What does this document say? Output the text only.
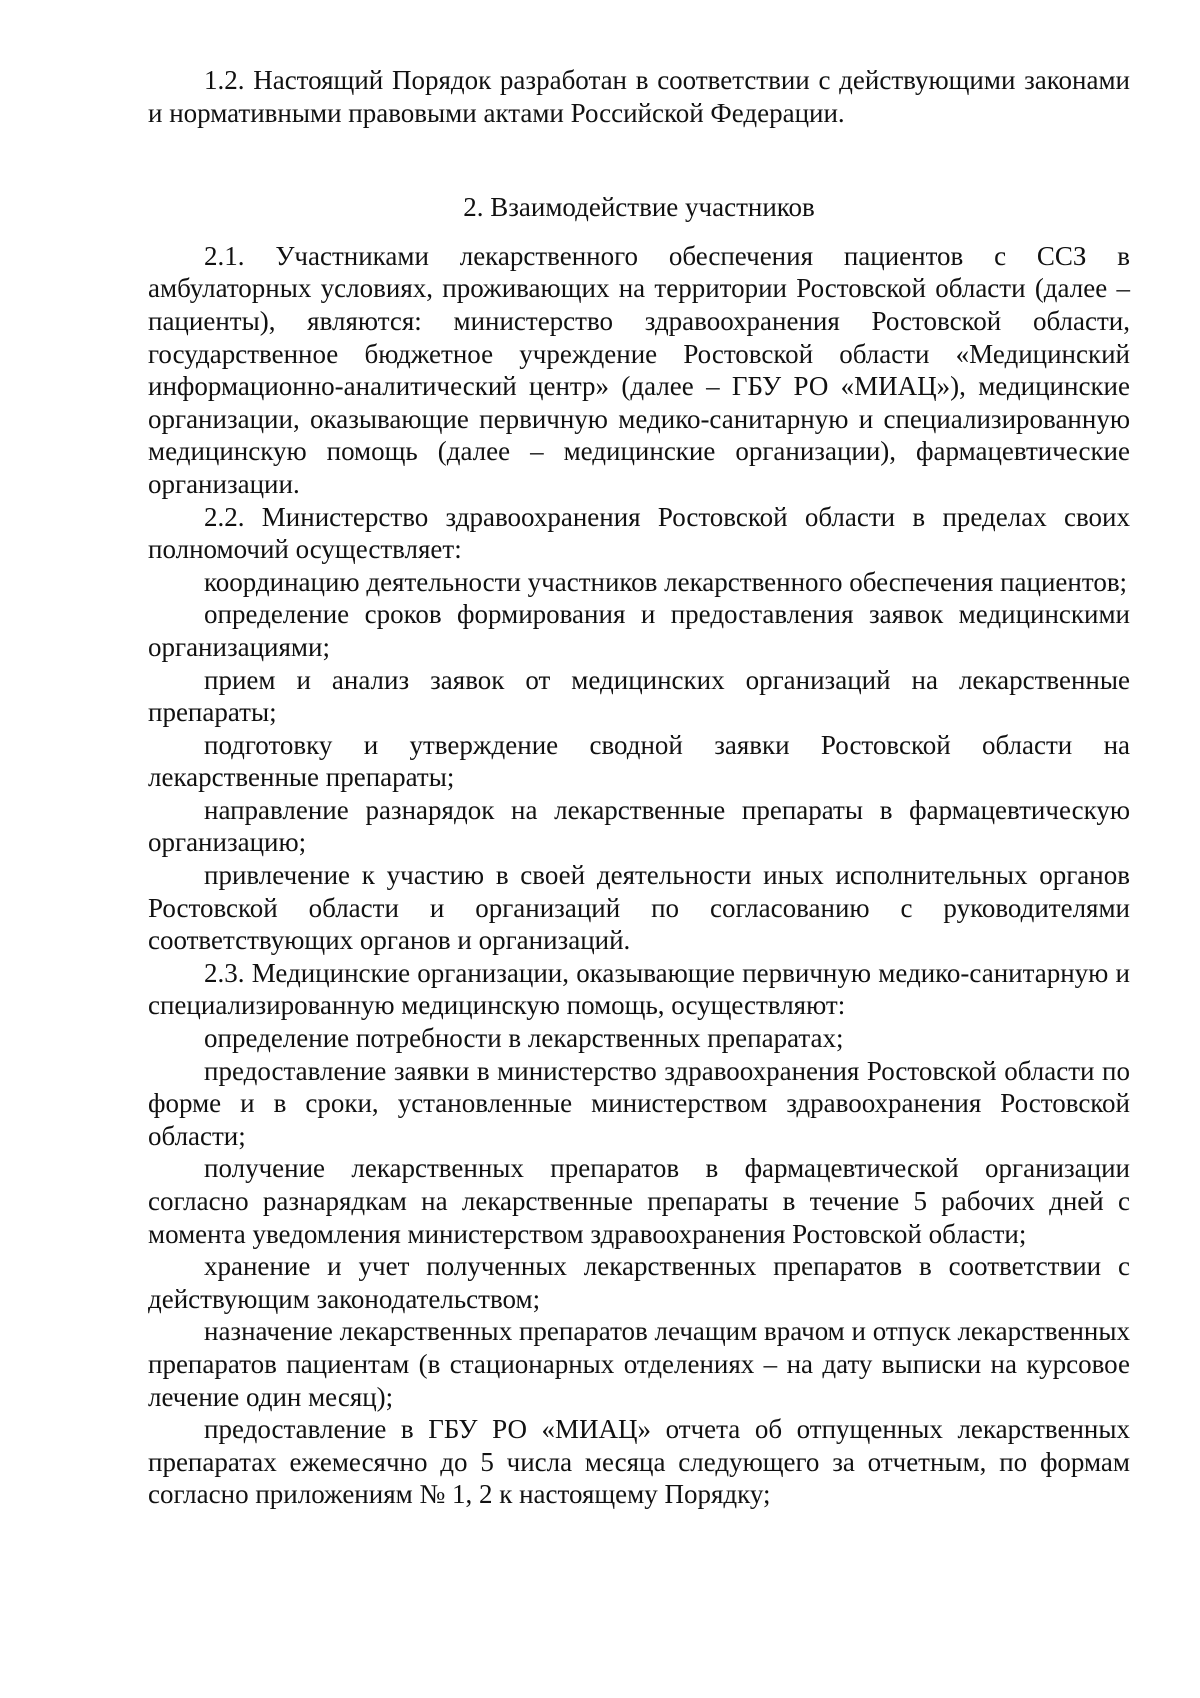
1.2. Настоящий Порядок разработан в соответствии с действующими законами и нормативными правовыми актами Российской Федерации.

2. Взаимодействие участников

2.1. Участниками лекарственного обеспечения пациентов с ССЗ в амбулаторных условиях, проживающих на территории Ростовской области (далее – пациенты), являются: министерство здравоохранения Ростовской области, государственное бюджетное учреждение Ростовской области «Медицинский информационно-аналитический центр» (далее – ГБУ РО «МИАЦ»), медицинские организации, оказывающие первичную медико-санитарную и специализированную медицинскую помощь (далее – медицинские организации), фармацевтические организации.

2.2. Министерство здравоохранения Ростовской области в пределах своих полномочий осуществляет:

координацию деятельности участников лекарственного обеспечения пациентов;

определение сроков формирования и предоставления заявок медицинскими организациями;

прием и анализ заявок от медицинских организаций на лекарственные препараты;

подготовку и утверждение сводной заявки Ростовской области на лекарственные препараты;

направление разнарядок на лекарственные препараты в фармацевтическую организацию;

привлечение к участию в своей деятельности иных исполнительных органов Ростовской области и организаций по согласованию с руководителями соответствующих органов и организаций.

2.3. Медицинские организации, оказывающие первичную медико-санитарную и специализированную медицинскую помощь, осуществляют:

определение потребности в лекарственных препаратах;

предоставление заявки в министерство здравоохранения Ростовской области по форме и в сроки, установленные министерством здравоохранения Ростовской области;

получение лекарственных препаратов в фармацевтической организации согласно разнарядкам на лекарственные препараты в течение 5 рабочих дней с момента уведомления министерством здравоохранения Ростовской области;

хранение и учет полученных лекарственных препаратов в соответствии с действующим законодательством;

назначение лекарственных препаратов лечащим врачом и отпуск лекарственных препаратов пациентам (в стационарных отделениях – на дату выписки на курсовое лечение один месяц);

предоставление в ГБУ РО «МИАЦ» отчета об отпущенных лекарственных препаратах ежемесячно до 5 числа месяца следующего за отчетным, по формам согласно приложениям № 1, 2 к настоящему Порядку;
